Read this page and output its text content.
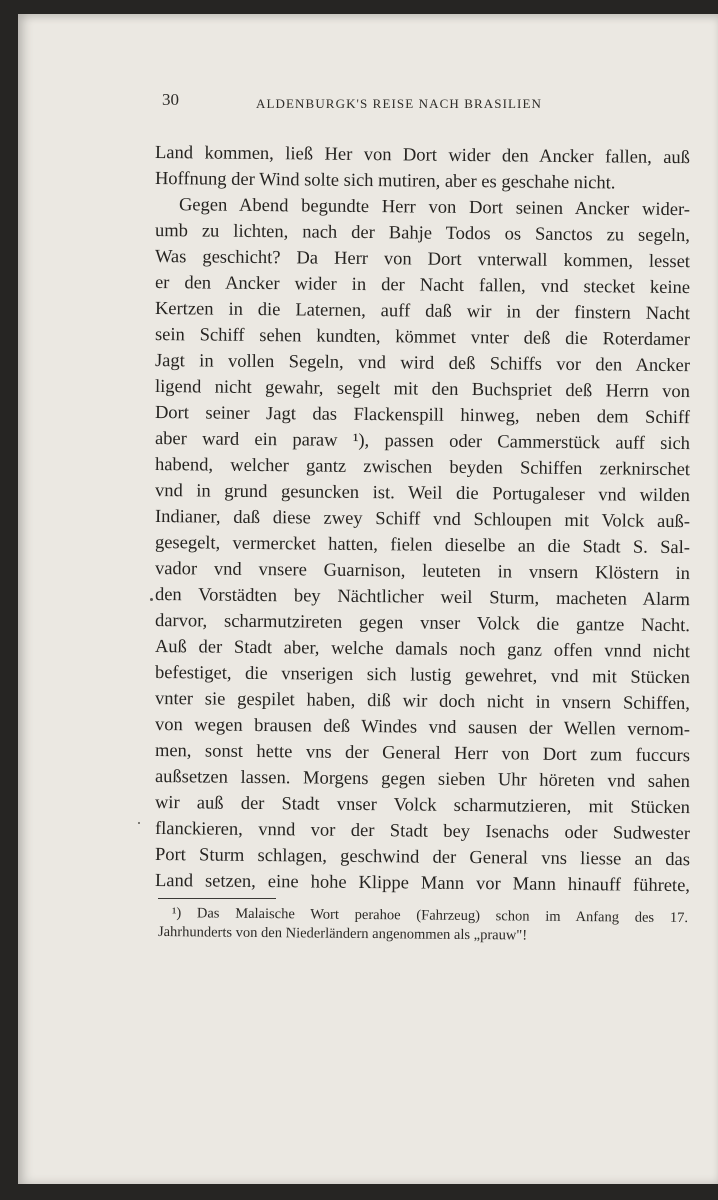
30	ALDENBURGK'S REISE NACH BRASILIEN
Land kommen, ließ Her von Dort wider den Ancker fallen, auß
Hoffnung der Wind solte sich mutiren, aber es geschahe nicht.
Gegen Abend begundte Herr von Dort seinen Ancker wider-
umb zu lichten, nach der Bahje Todos os Sanctos zu segeln,
Was geschicht? Da Herr von Dort vnterwall kommen, lesset
er den Ancker wider in der Nacht fallen, vnd stecket keine
Kertzen in die Laternen, auff daß wir in der finstern Nacht
sein Schiff sehen kundten, kömmet vnter deß die Roterdamer
Jagt in vollen Segeln, vnd wird deß Schiffs vor den Ancker
ligend nicht gewahr, segelt mit den Buchspriet deß Herrn von
Dort seiner Jagt das Flackenspill hinweg, neben dem Schiff
aber ward ein paraw ¹), passen oder Cammerstück auff sich
habend, welcher gantz zwischen beyden Schiffen zerknirschet
vnd in grund gesuncken ist. Weil die Portugaleser vnd wilden
Indianer, daß diese zwey Schiff vnd Schloupen mit Volck auß-
gesegelt, vermercket hatten, fielen dieselbe an die Stadt S. Sal-
vador vnd vnsere Guarnison, leuteten in vnsern Klöstern in
den Vorstädten bey Nächtlicher weil Sturm, macheten Alarm
darvor, scharmutzireten gegen vnser Volck die gantze Nacht.
Auß der Stadt aber, welche damals noch ganz offen vnnd nicht
befestiget, die vnserigen sich lustig gewehret, vnd mit Stücken
vnter sie gespilet haben, diß wir doch nicht in vnsern Schiffen,
von wegen brausen deß Windes vnd sausen der Wellen vernom-
men, sonst hette vns der General Herr von Dort zum fuccurs
außsetzen lassen. Morgens gegen sieben Uhr höreten vnd sahen
wir auß der Stadt vnser Volck scharmutzieren, mit Stücken
flanckieren, vnnd vor der Stadt bey Isenachs oder Sudwester
Port Sturm schlagen, geschwind der General vns liesse an das
Land setzen, eine hohe Klippe Mann vor Mann hinauff führete,
¹) Das Malaische Wort perahoe (Fahrzeug) schon im Anfang des 17.
Jahrhunderts von den Niederländern angenommen als „prauw"!
